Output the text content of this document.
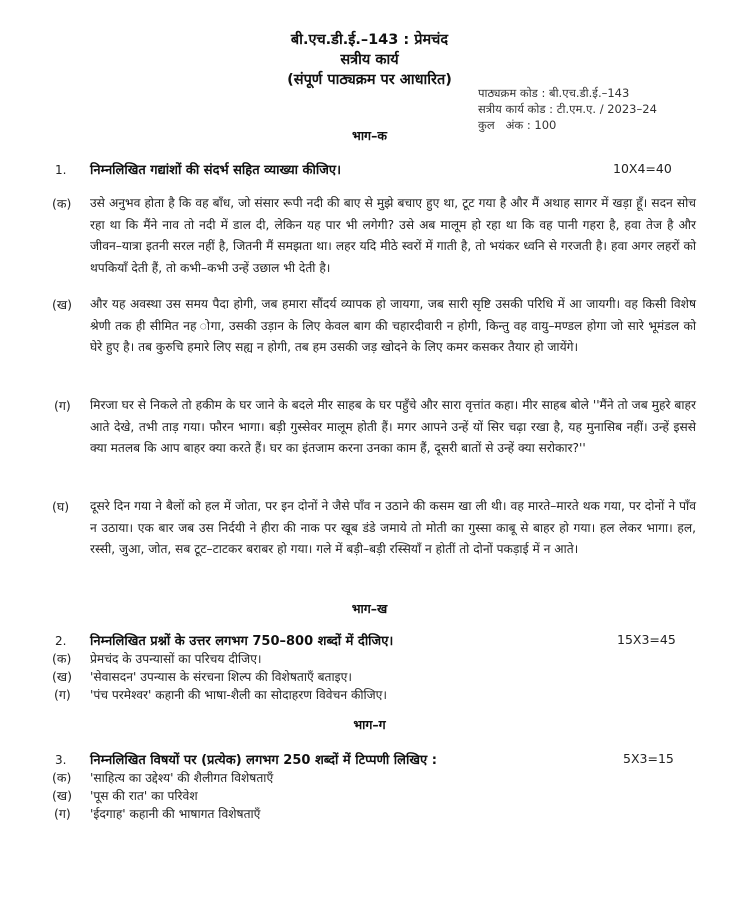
बी.एच.डी.ई.–143 : प्रेमचंद
सत्रीय कार्य
(संपूर्ण पाठ्यक्रम पर आधारित)
पाठ्यक्रम कोड : बी.एच.डी.ई.–143
सत्रीय कार्य कोड : टी.एम.ए. / 2023–24
कुल   अंक : 100
भाग–क
1. निम्नलिखित गद्यांशों की संदर्भ सहित व्याख्या कीजिए।	10X4=40
(क) उसे अनुभव होता है कि वह बाँध, जो संसार रूपी नदी की बाए से मुझे बचाए हुए था, टूट गया है और मैं अथाह सागर में खड़ा हूँ। सदन सोच रहा था कि मैंने नाव तो नदी में डाल दी, लेकिन यह पार भी लगेगी? उसे अब मालूम हो रहा था कि वह पानी गहरा है, हवा तेज है और जीवन–यात्रा इतनी सरल नहीं है, जितनी मैं समझता था। लहर यदि मीठे स्वरों में गाती है, तो भयंकर ध्वनि से गरजती है। हवा अगर लहरों को थपकियाँ देती हैं, तो कभी–कभी उन्हें उछाल भी देती है।
(ख) और यह अवस्था उस समय पैदा होगी, जब हमारा सौंदर्य व्यापक हो जायगा, जब सारी सृष्टि उसकी परिधि में आ जायगी। वह किसी विशेष श्रेणी तक ही सीमित नह ोगा, उसकी उड़ान के लिए केवल बाग की चहारदीवारी न होगी, किन्तु वह वायु–मण्डल होगा जो सारे भूमंडल को घेरे हुए है। तब कुरुचि हमारे लिए सह्य न होगी, तब हम उसकी जड़ खोदने के लिए कमर कसकर तैयार हो जायेंगे।
(ग) मिरजा घर से निकले तो हकीम के घर जाने के बदले मीर साहब के घर पहुँचे और सारा वृत्तांत कहा। मीर साहब बोले ''मैंने तो जब मुहरे बाहर आते देखे, तभी ताड़ गया। फौरन भागा। बड़ी गुस्सेवर मालूम होती हैं। मगर आपने उन्हें यों सिर चढ़ा रखा है, यह मुनासिब नहीं। उन्हें इससे क्या मतलब कि आप बाहर क्या करते हैं। घर का इंतजाम करना उनका काम हैं, दूसरी बातों से उन्हें क्या सरोकार?''
(घ) दूसरे दिन गया ने बैलों को हल में जोता, पर इन दोनों ने जैसे पाँव न उठाने की कसम खा ली थी। वह मारते–मारते थक गया, पर दोनों ने पाँव न उठाया। एक बार जब उस निर्दयी ने हीरा की नाक पर खूब डंडे जमाये तो मोती का गुस्सा काबू से बाहर हो गया। हल लेकर भागा। हल, रस्सी, जुआ, जोत, सब टूट–टाटकर बराबर हो गया। गले में बड़ी–बड़ी रस्सियाँ न होतीं तो दोनों पकड़ाई में न आते।
भाग–ख
2. निम्नलिखित प्रश्नों के उत्तर लगभग 750–800 शब्दों में दीजिए।	15X3=45
(क) प्रेमचंद के उपन्यासों का परिचय दीजिए।
(ख) 'सेवासदन' उपन्यास के संरचना शिल्प की विशेषताएँ बताइए।
(ग) 'पंच परमेश्वर' कहानी की भाषा-शैली का सोदाहरण विवेचन कीजिए।
भाग–ग
3. निम्नलिखित विषयों पर (प्रत्येक) लगभग 250 शब्दों में टिप्पणी लिखिए :	5X3=15
(क) 'साहित्य का उद्देश्य' की शैलीगत विशेषताएँ
(ख) 'पूस की रात' का परिवेश
(ग) 'ईदगाह' कहानी की भाषागत विशेषताएँ
